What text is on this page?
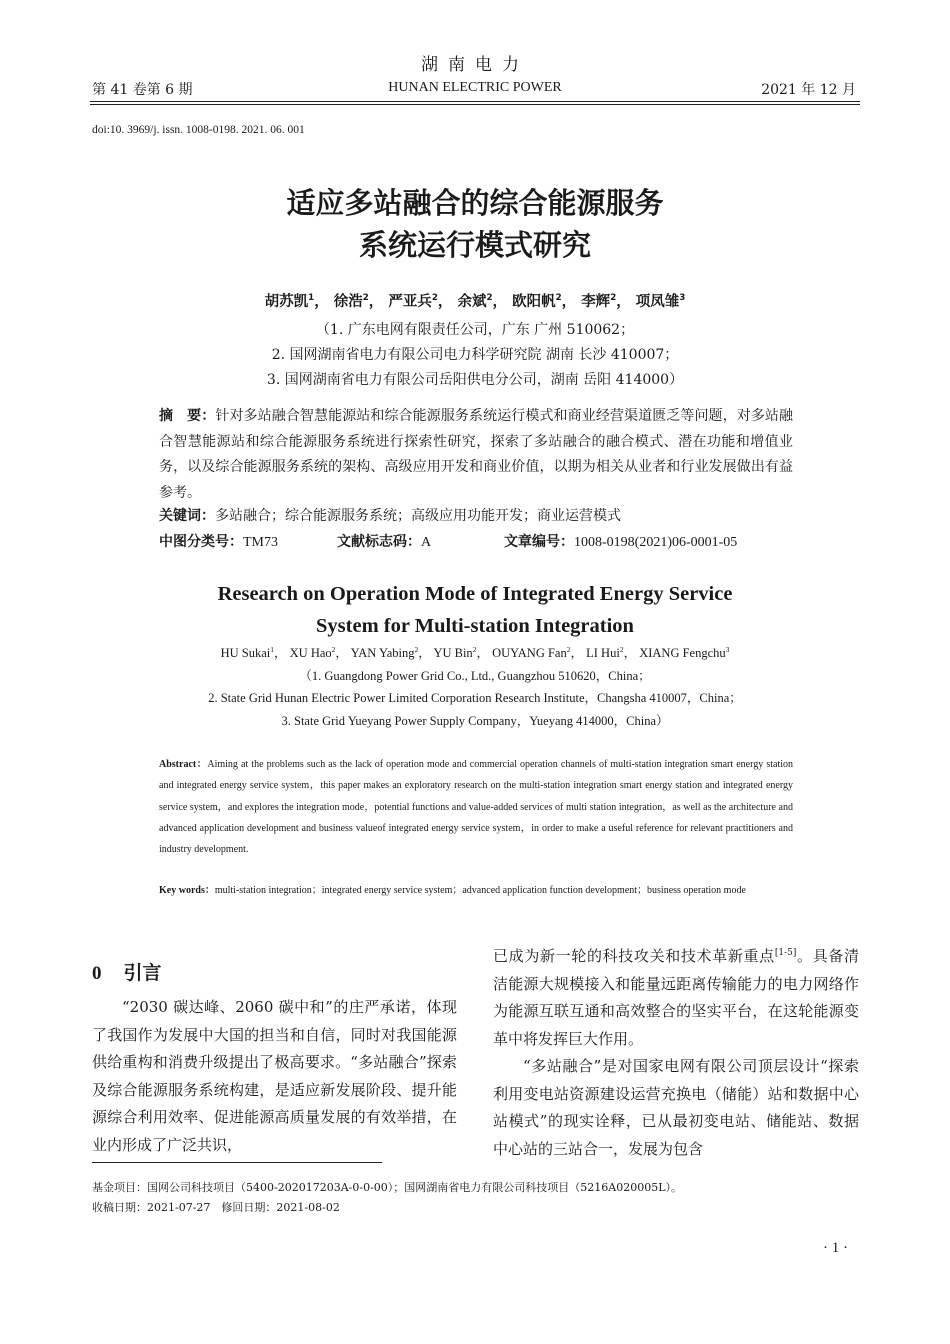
湖南电力
第 41 卷第 6 期	HUNAN ELECTRIC POWER	2021 年 12 月
doi:10. 3969/j. issn. 1008-0198. 2021. 06. 001
适应多站融合的综合能源服务
系统运行模式研究
胡苏凯$^1$， 徐浩$^2$， 严亚兵$^2$， 余斌$^2$， 欧阳帆$^2$， 李辉$^2$， 项凤雏$^3$
（1. 广东电网有限责任公司，广东 广州 510062；
2. 国网湖南省电力有限公司电力科学研究院 湖南 长沙 410007；
3. 国网湖南省电力有限公司岳阳供电分公司，湖南 岳阳 414000）
摘　要：针对多站融合智慧能源站和综合能源服务系统运行模式和商业经营渠道匮乏等问题，对多站融合智慧能源站和综合能源服务系统进行探索性研究，探索了多站融合的融合模式、潜在功能和增值业务，以及综合能源服务系统的架构、高级应用开发和商业价值，以期为相关从业者和行业发展做出有益参考。
关键词：多站融合；综合能源服务系统；高级应用功能开发；商业运营模式
中图分类号：TM73	文献标志码：A	文章编号：1008-0198(2021)06-0001-05
Research on Operation Mode of Integrated Energy Service
System for Multi-station Integration
HU Sukai$^1$， XU Hao$^2$， YAN Yabing$^2$， YU Bin$^2$， OUYANG Fan$^2$， LI Hui$^2$， XIANG Fengchu$^3$
（1. Guangdong Power Grid Co., Ltd., Guangzhou 510620，China；
2. State Grid Hunan Electric Power Limited Corporation Research Institute，Changsha 410007，China；
3. State Grid Yueyang Power Supply Company，Yueyang 414000，China）
Abstract：Aiming at the problems such as the lack of operation mode and commercial operation channels of multi-station integration smart energy station and integrated energy service system，this paper makes an exploratory research on the multi-station integration smart energy station and integrated energy service system，and explores the integration mode，potential functions and value-added services of multi station integration，as well as the architecture and advanced application development and business valueof integrated energy service system，in order to make a useful reference for relevant practitioners and industry development.
Key words：multi-station integration；integrated energy service system；advanced application function development；business operation mode
0 引言

“2030 碳达峰、2060 碳中和”的庄严承诺，体现了我国作为发展中大国的担当和自信，同时对我国能源供给重构和消费升级提出了极高要求。“多站融合”探索及综合能源服务系统构建，是适应新发展阶段、提升能源综合利用效率、促进能源高质量发展的有效举措，在业内形成了广泛共识，

已成为新一轮的科技攻关和技术革新重点[1-5]。具备清洁能源大规模接入和能量远距离传输能力的电力网络作为能源互联互通和高效整合的坚实平台，在这轮能源变革中将发挥巨大作用。

“多站融合”是对国家电网有限公司顶层设计“探索利用变电站资源建设运营充换电（储能）站和数据中心站模式”的现实诠释，已从最初变电站、储能站、数据中心站的三站合一，发展为包含

基金项目：国网公司科技项目（5400-202017203A-0-0-00）；国网湖南省电力有限公司科技项目（5216A020005L）。
收稿日期：2021-07-27　修回日期：2021-08-02
· 1 ·
